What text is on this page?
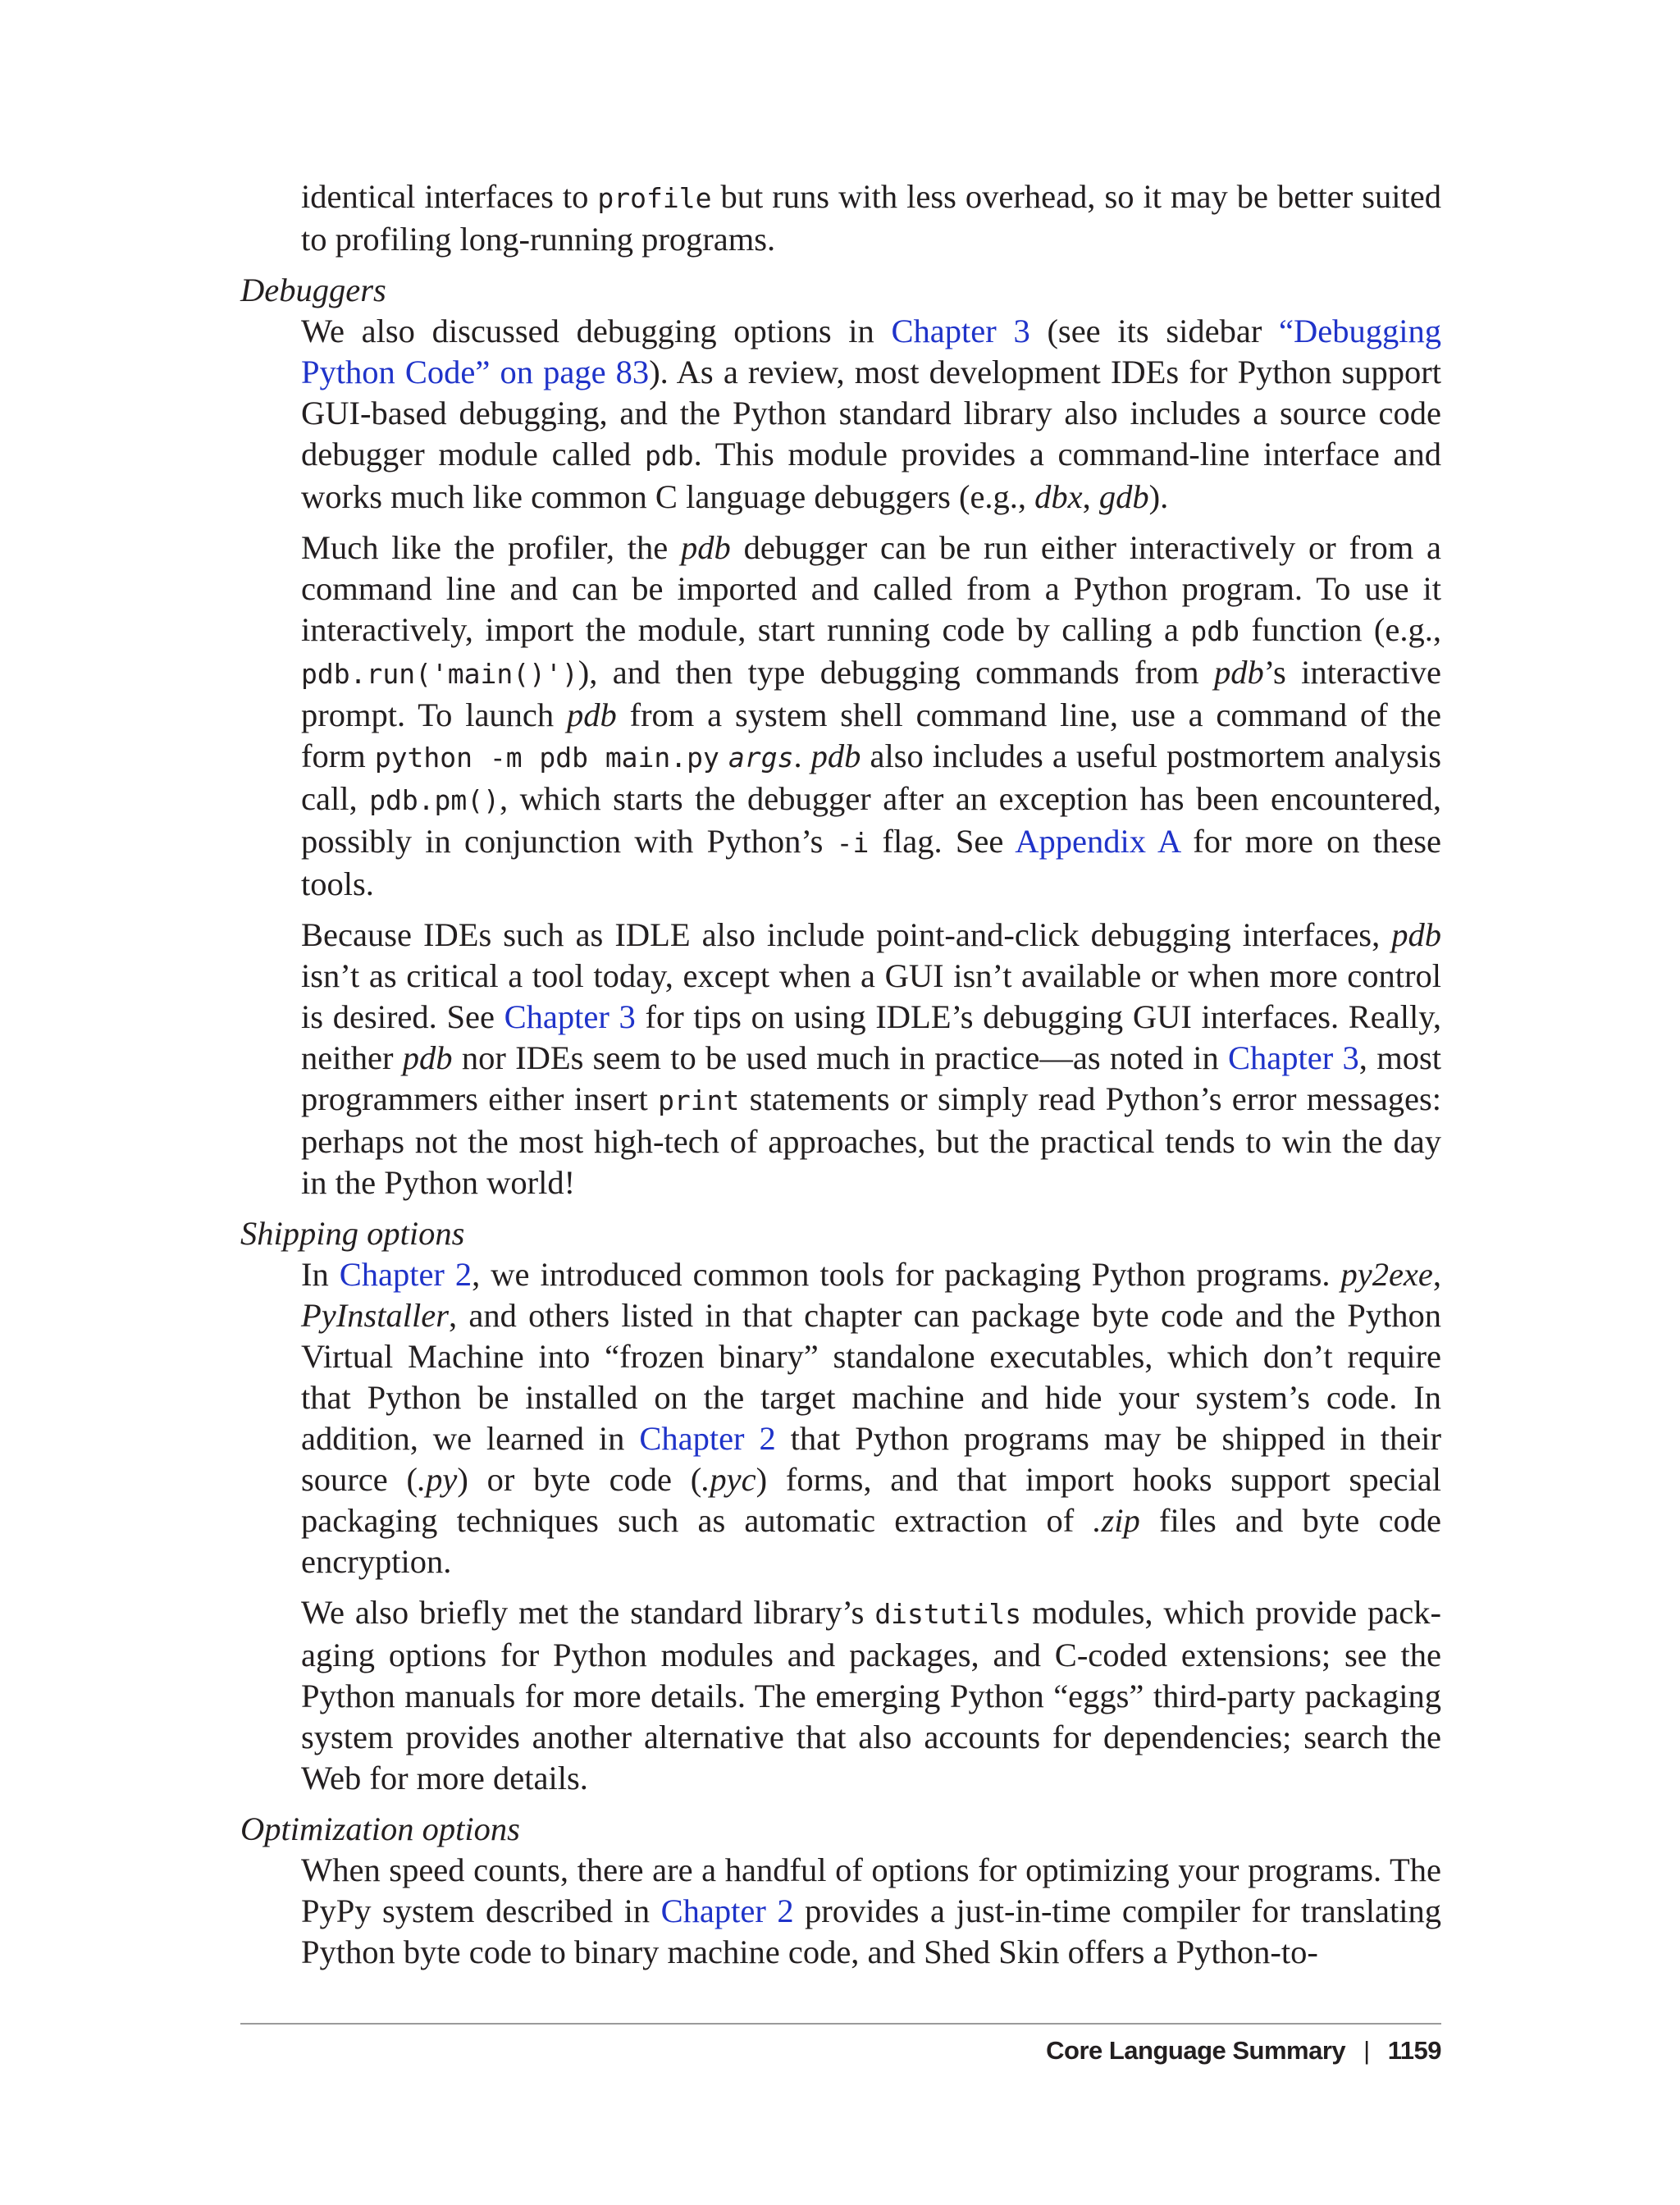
identical interfaces to profile but runs with less overhead, so it may be better suited to profiling long-running programs.

Debuggers

We also discussed debugging options in Chapter 3 (see its sidebar “Debugging Python Code” on page 83). As a review, most development IDEs for Python support GUI-based debugging, and the Python standard library also includes a source code debugger module called pdb. This module provides a command-line interface and works much like common C language debuggers (e.g., dbx, gdb).

Much like the profiler, the pdb debugger can be run either interactively or from a command line and can be imported and called from a Python program. To use it interactively, import the module, start running code by calling a pdb function (e.g., pdb.run('main()')), and then type debugging commands from pdb’s interactive prompt. To launch pdb from a system shell command line, use a command of the form python -m pdb main.py args. pdb also includes a useful postmortem analysis call, pdb.pm(), which starts the debugger after an exception has been encountered, possibly in conjunction with Python’s -i flag. See Appendix A for more on these tools.

Because IDEs such as IDLE also include point-and-click debugging interfaces, pdb isn’t as critical a tool today, except when a GUI isn’t available or when more control is desired. See Chapter 3 for tips on using IDLE’s debugging GUI interfaces. Really, neither pdb nor IDEs seem to be used much in practice—as noted in Chapter 3, most programmers either insert print statements or simply read Python’s error messages: perhaps not the most high-tech of approaches, but the practical tends to win the day in the Python world!

Shipping options

In Chapter 2, we introduced common tools for packaging Python programs. py2exe, PyInstaller, and others listed in that chapter can package byte code and the Python Virtual Machine into “frozen binary” standalone executables, which don’t require that Python be installed on the target machine and hide your system’s code. In addition, we learned in Chapter 2 that Python programs may be shipped in their source (.py) or byte code (.pyc) forms, and that import hooks support special packaging techniques such as automatic extraction of .zip files and byte code encryption.

We also briefly met the standard library’s distutils modules, which provide packaging options for Python modules and packages, and C-coded extensions; see the Python manuals for more details. The emerging Python “eggs” third-party packaging system provides another alternative that also accounts for dependencies; search the Web for more details.

Optimization options

When speed counts, there are a handful of options for optimizing your programs. The PyPy system described in Chapter 2 provides a just-in-time compiler for translating Python byte code to binary machine code, and Shed Skin offers a Python-to-

Core Language Summary | 1159
